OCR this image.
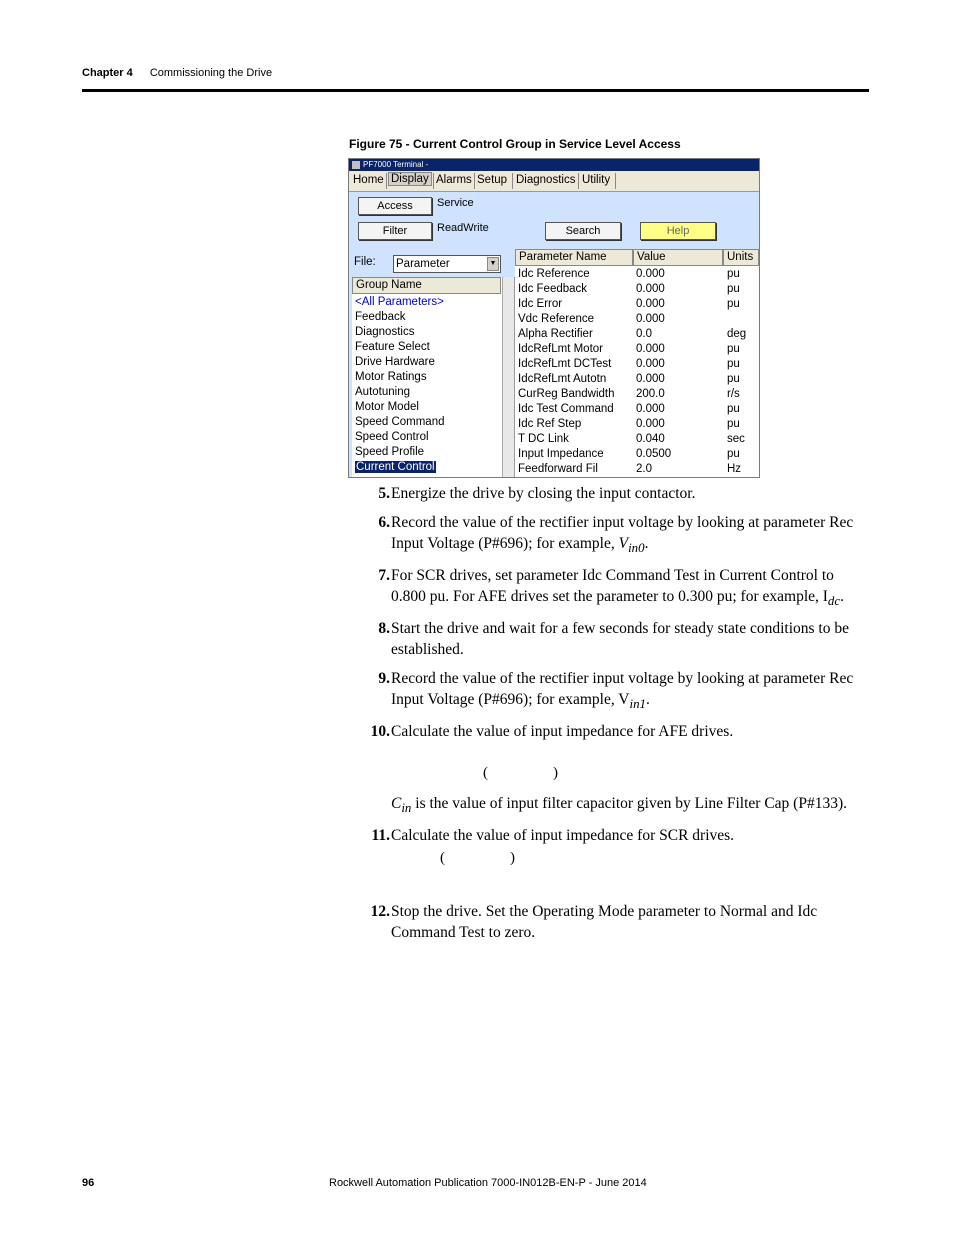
Chapter 4 Commissioning the Drive
Figure 75 - Current Control Group in Service Level Access
PF7000 Terminal -
Home Display Alarms Setup Diagnostics Utility
Access	Service
Filter	ReadWrite	Search	Help
File: Parameter	▼
Group Name
<All Parameters>
Feedback
Diagnostics
Feature Select
Drive Hardware
Motor Ratings
Autotuning
Motor Model
Speed Command
Speed Control
Speed Profile
Current Control
Parameter Name	Value	Units
Idc Reference	0.000	pu
Idc Feedback	0.000	pu
Idc Error	0.000	pu
Vdc Reference	0.000
Alpha Rectifier	0.0	deg
IdcRefLmt Motor	0.000	pu
IdcRefLmt DCTest 0.000	pu
IdcRefLmt Autotn	0.000	pu
CurReg Bandwidth 200.0	r/s
Idc Test Command 0.000	pu
Idc Ref Step	0.000	pu
T DC Link	0.040	sec
Input Impedance	0.0500	pu
Feedforward Fil	2.0	Hz
5. Energize the drive by closing the input contactor.
6. Record the value of the rectifier input voltage by looking at parameter Rec Input Voltage (P#696); for example, $V_{in0}$.
7. For SCR drives, set parameter Idc Command Test in Current Control to 0.800 pu. For AFE drives set the parameter to 0.300 pu; for example, $I_{dc}$.
8. Start the drive and wait for a few seconds for steady state conditions to be established.
9. Record the value of the rectifier input voltage by looking at parameter Rec Input Voltage (P#696); for example, $V_{in1}$.
10. Calculate the value of input impedance for AFE drives.
(	)
$C_{in}$ is the value of input filter capacitor given by Line Filter Cap (P#133).
11. Calculate the value of input impedance for SCR drives.
(	)
12. Stop the drive. Set the Operating Mode parameter to Normal and Idc Command Test to zero.
96	Rockwell Automation Publication 7000-IN012B-EN-P - June 2014
